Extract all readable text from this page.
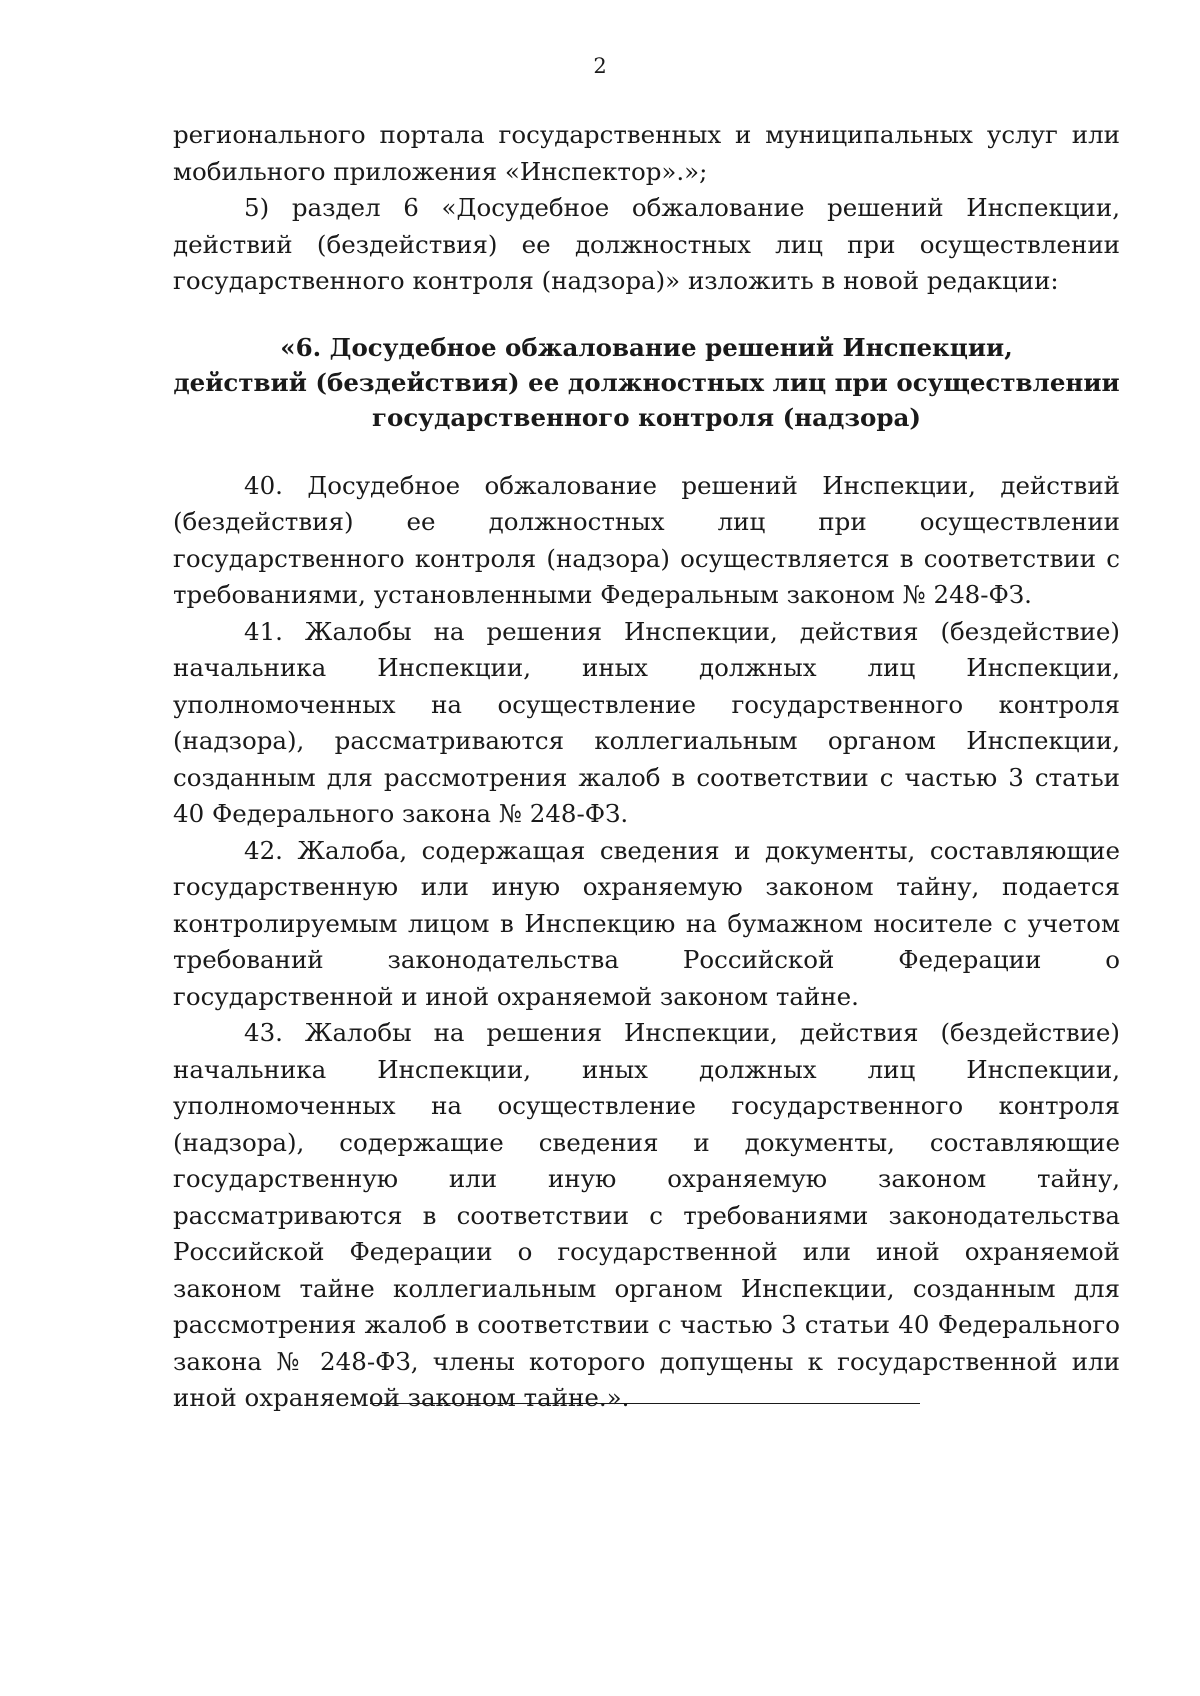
2

регионального портала государственных и муниципальных услуг или мобильного приложения «Инспектор».»;

5) раздел 6 «Досудебное обжалование решений Инспекции, действий (бездействия) ее должностных лиц при осуществлении государственного контроля (надзора)» изложить в новой редакции:

«6. Досудебное обжалование решений Инспекции,
действий (бездействия) ее должностных лиц при осуществлении
государственного контроля (надзора)

40. Досудебное обжалование решений Инспекции, действий (бездействия) ее должностных лиц при осуществлении государственного контроля (надзора) осуществляется в соответствии с требованиями, установленными Федеральным законом № 248-ФЗ.

41. Жалобы на решения Инспекции, действия (бездействие) начальника Инспекции, иных должных лиц Инспекции, уполномоченных на осуществление государственного контроля (надзора), рассматриваются коллегиальным органом Инспекции, созданным для рассмотрения жалоб в соответствии с частью 3 статьи 40 Федерального закона № 248-ФЗ.

42. Жалоба, содержащая сведения и документы, составляющие государственную или иную охраняемую законом тайну, подается контролируемым лицом в Инспекцию на бумажном носителе с учетом требований законодательства Российской Федерации о государственной и иной охраняемой законом тайне.

43. Жалобы на решения Инспекции, действия (бездействие) начальника Инспекции, иных должных лиц Инспекции, уполномоченных на осуществление государственного контроля (надзора), содержащие сведения и документы, составляющие государственную или иную охраняемую законом тайну, рассматриваются в соответствии с требованиями законодательства Российской Федерации о государственной или иной охраняемой законом тайне коллегиальным органом Инспекции, созданным для рассмотрения жалоб в соответствии с частью 3 статьи 40 Федерального закона № 248-ФЗ, члены которого допущены к государственной или иной охраняемой законом тайне.».
